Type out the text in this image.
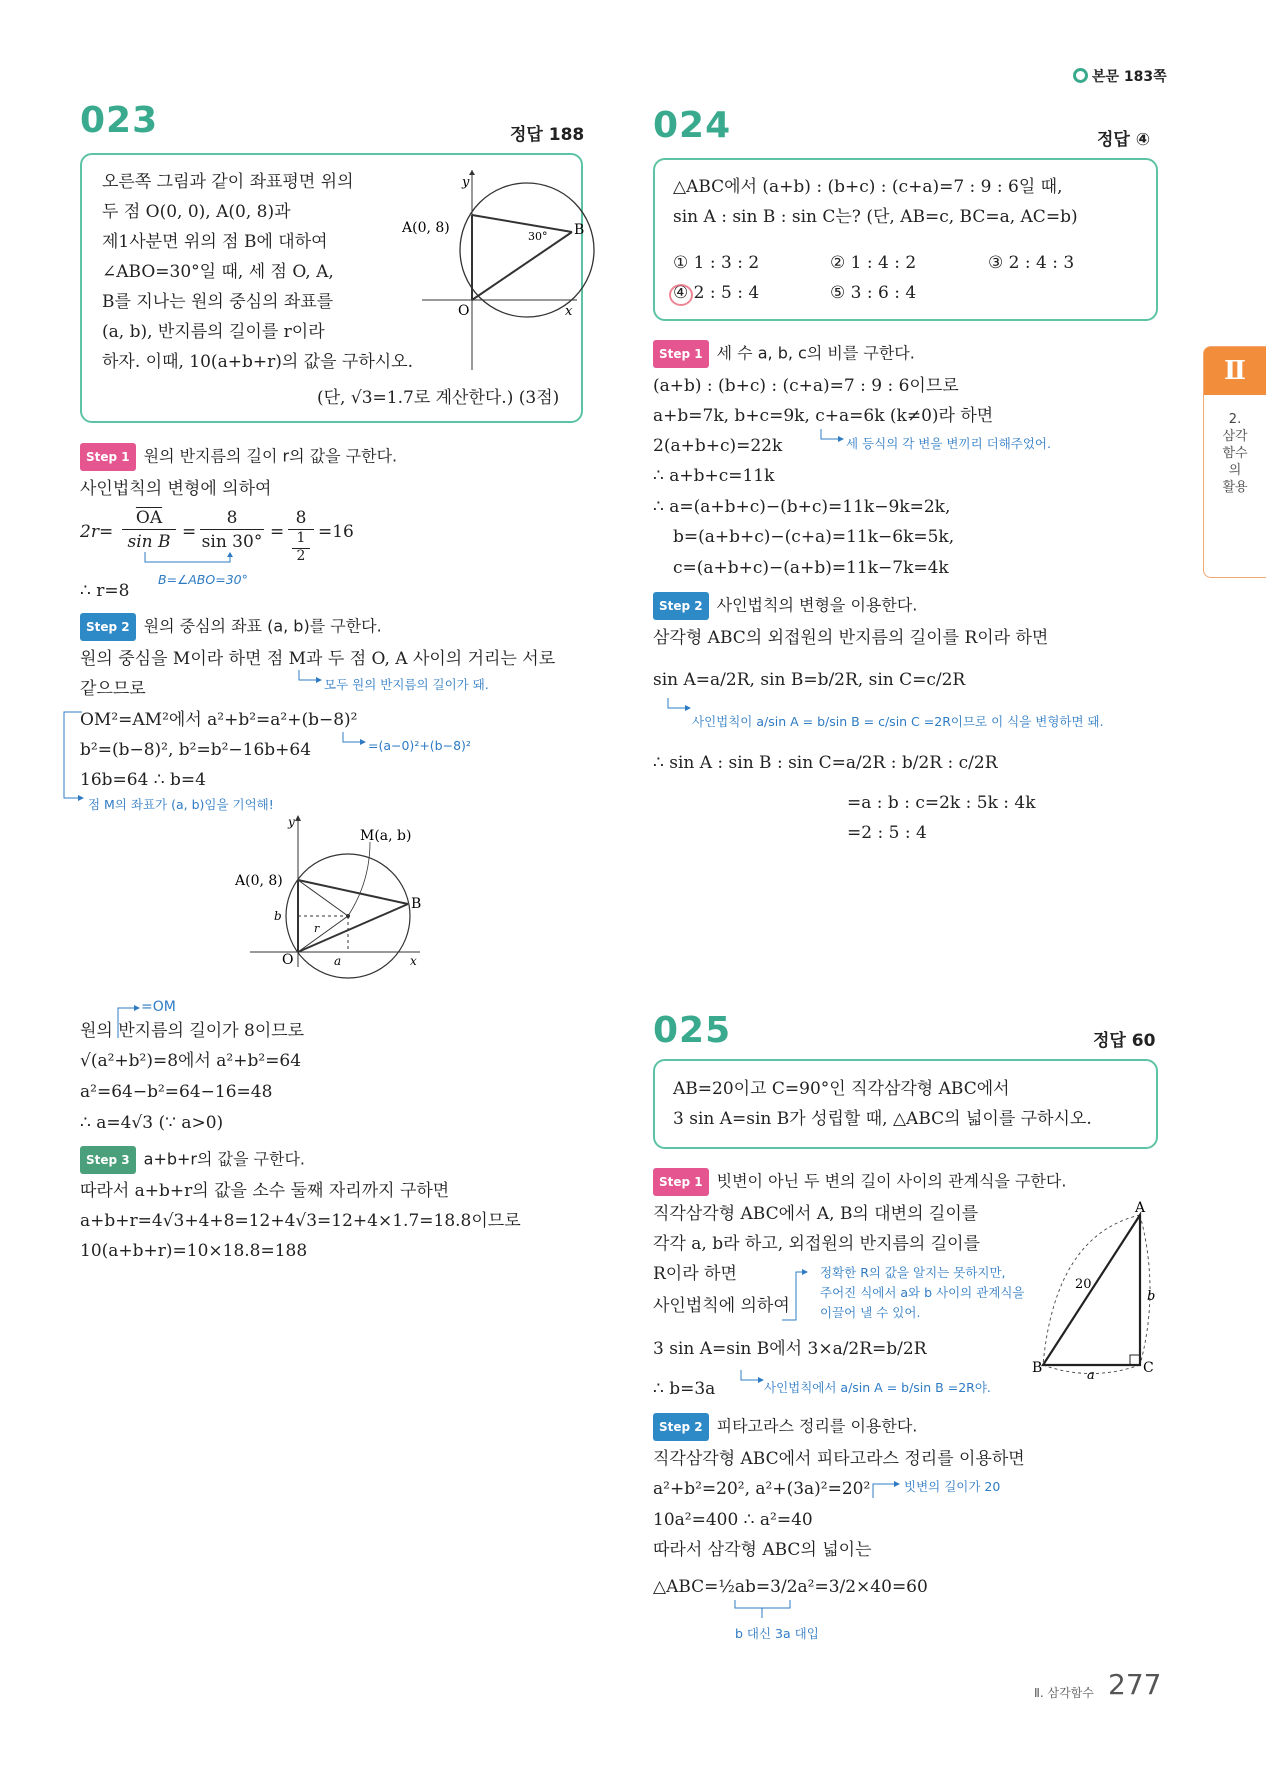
본문 183쪽
Ⅱ
2. 삼각함수의 활용
023	정답 188
오른쪽 그림과 같이 좌표평면 위의
두 점 O(0, 0), A(0, 8)과
제1사분면 위의 점 B에 대하여
∠ABO=30°일 때, 세 점 O, A,
B를 지나는 원의 중심의 좌표를
(a, b), 반지름의 길이를 r이라
하자. 이때, 10(a+b+r)의 값을 구하시오.
(단, √3=1.7로 계산한다.) (3점)
y
x
O
A(0, 8)	B
30°
Step 1 원의 반지름의 길이 r의 값을 구한다.
사인법칙의 변형에 의하여
2r=
$\overline{OA}$
sin B =
8
sin 30° =
8
1
2
=16
B=∠ABO=30°
∴ r=8
Step 2 원의 중심의 좌표 (a, b)를 구한다.
원의 중심을 M이라 하면 점 M과 두 점 O, A 사이의 거리는 서로
같으므로	모두 원의 반지름의 길이가 돼.
OM²=AM²에서 a²+b²=a²+(b−8)²
b²=(b−8)², b²=b²−16b+64	=(a−0)²+(b−8)²
16b=64 ∴ b=4
점 M의 좌표가 (a, b)임을 기억해!
A(0, 8)
B
M(a, b)
O
y
x
b
r
a
=OM
원의 반지름의 길이가 8이므로
√(a²+b²)=8에서 a²+b²=64
a²=64−b²=64−16=48
∴ a=4√3 (∵ a>0)
Step 3 a+b+r의 값을 구한다.
따라서 a+b+r의 값을 소수 둘째 자리까지 구하면
a+b+r=4√3+4+8=12+4√3=12+4×1.7=18.8이므로
10(a+b+r)=10×18.8=188
024	정답 ④
△ABC에서 (a+b) : (b+c) : (c+a)=7 : 9 : 6일 때,
sin A : sin B : sin C는? (단, AB=c, BC=a, AC=b)
① 1 : 3 : 2	② 1 : 4 : 2	③ 2 : 4 : 3
④ 2 : 5 : 4	⑤ 3 : 6 : 4
Step 1 세 수 a, b, c의 비를 구한다.
(a+b) : (b+c) : (c+a)=7 : 9 : 6이므로
a+b=7k, b+c=9k, c+a=6k (k≠0)라 하면
2(a+b+c)=22k	세 등식의 각 변을 변끼리 더해주었어.
∴ a+b+c=11k
∴ a=(a+b+c)−(b+c)=11k−9k=2k,
b=(a+b+c)−(c+a)=11k−6k=5k,
c=(a+b+c)−(a+b)=11k−7k=4k
Step 2 사인법칙의 변형을 이용한다.
삼각형 ABC의 외접원의 반지름의 길이를 R이라 하면
sin A=a/2R, sin B=b/2R, sin C=c/2R
사인법칙이 a/sin A = b/sin B = c/sin C =2R이므로 이 식을 변형하면 돼.
∴ sin A : sin B : sin C=a/2R : b/2R : c/2R
=a : b : c=2k : 5k : 4k
=2 : 5 : 4
025	정답 60
AB=20이고 C=90°인 직각삼각형 ABC에서
3 sin A=sin B가 성립할 때, △ABC의 넓이를 구하시오.
Step 1 빗변이 아닌 두 변의 길이 사이의 관계식을 구한다.
직각삼각형 ABC에서 A, B의 대변의 길이를
각각 a, b라 하고, 외접원의 반지름의 길이를
R이라 하면
사인법칙에 의하여
정확한 R의 값을 알지는 못하지만,
주어진 식에서 a와 b 사이의 관계식을
이끌어 낼 수 있어.
3 sin A=sin B에서 3×a/2R=b/2R
∴ b=3a	사인법칙에서 a/sin A = b/sin B =2R야.
A
B	C
20
b
a
Step 2 피타고라스 정리를 이용한다.
직각삼각형 ABC에서 피타고라스 정리를 이용하면
a²+b²=20², a²+(3a)²=20²	빗변의 길이가 20
10a²=400 ∴ a²=40
따라서 삼각형 ABC의 넓이는
△ABC=½ab=3/2a²=3/2×40=60
b 대신 3a 대입
Ⅱ. 삼각함수 277
